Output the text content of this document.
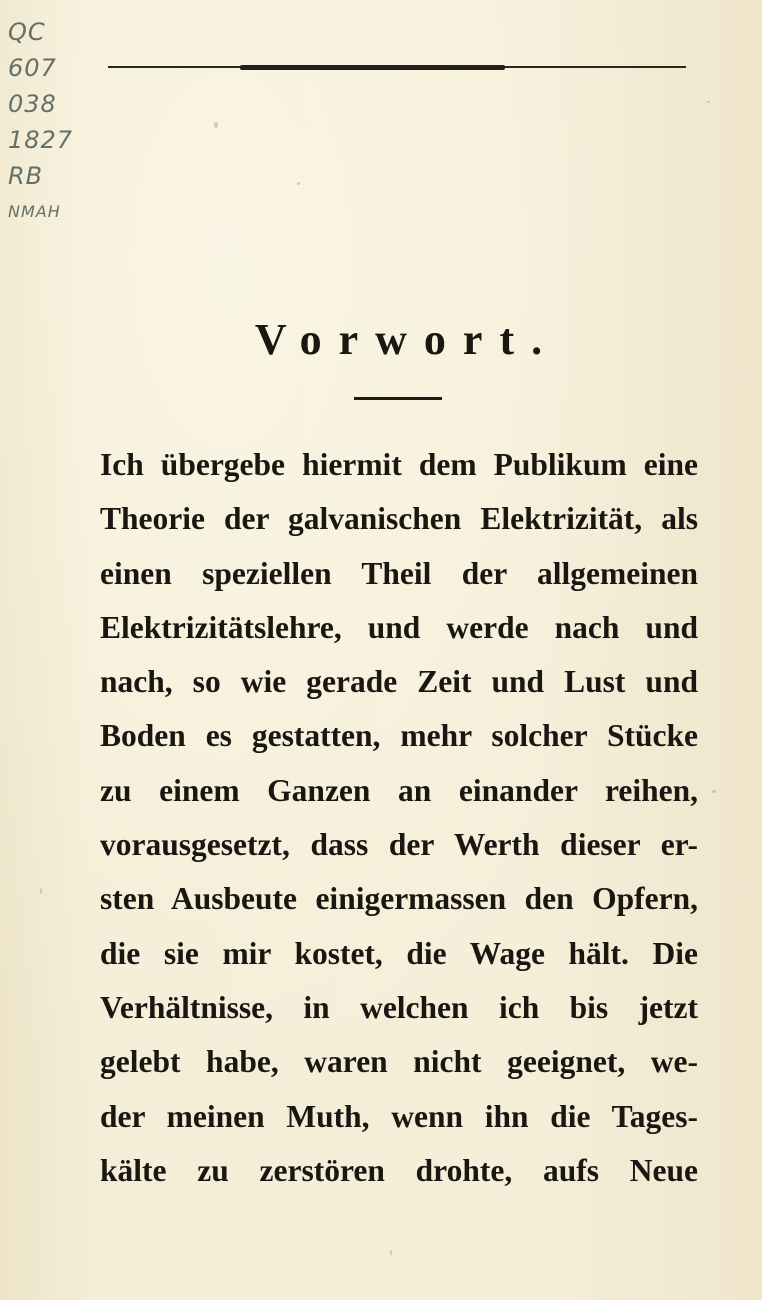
QC
607
038
1827
RB
NMAH
Vorwort.
Ich übergebe hiermit dem Publikum eine
Theorie der galvanischen Elektrizität, als
einen speziellen Theil der allgemeinen
Elektrizitätslehre, und werde nach und
nach, so wie gerade Zeit und Lust und
Boden es gestatten, mehr solcher Stücke
zu einem Ganzen an einander reihen,
vorausgesetzt, dass der Werth dieser er-
sten Ausbeute einigermassen den Opfern,
die sie mir kostet, die Wage hält. Die
Verhältnisse, in welchen ich bis jetzt
gelebt habe, waren nicht geeignet, we-
der meinen Muth, wenn ihn die Tages-
kälte zu zerstören drohte, aufs Neue
